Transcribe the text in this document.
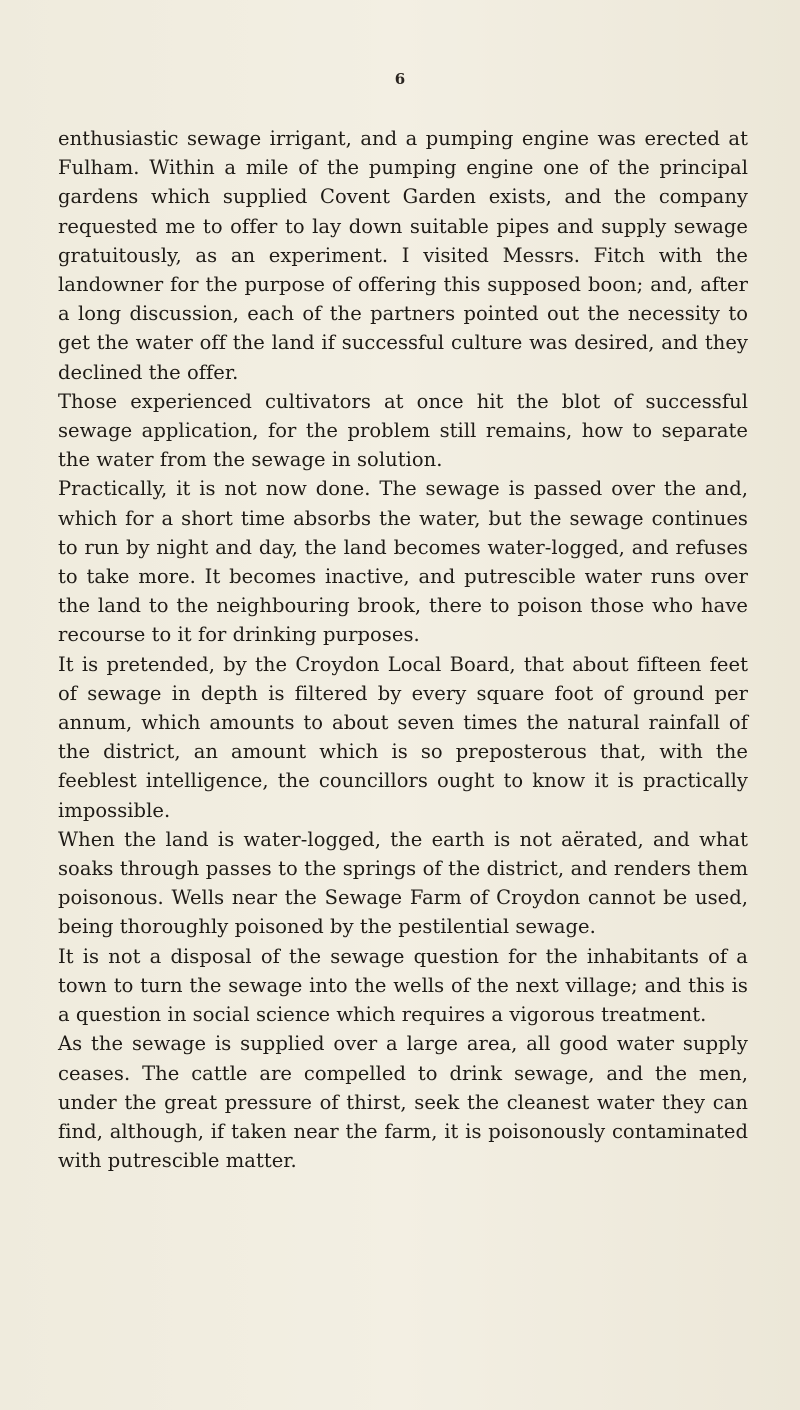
6

enthusiastic sewage irrigant, and a pumping engine was erected at Fulham. Within a mile of the pumping engine one of the principal gardens which supplied Covent Garden exists, and the company requested me to offer to lay down suitable pipes and supply sewage gratuitously, as an experiment. I visited Messrs. Fitch with the landowner for the purpose of offering this supposed boon; and, after a long discussion, each of the partners pointed out the necessity to get the water off the land if successful culture was desired, and they declined the offer.

Those experienced cultivators at once hit the blot of successful sewage application, for the problem still remains, how to separate the water from the sewage in solution.

Practically, it is not now done. The sewage is passed over the and, which for a short time absorbs the water, but the sewage continues to run by night and day, the land becomes water-logged, and refuses to take more. It becomes inactive, and putrescible water runs over the land to the neighbouring brook, there to poison those who have recourse to it for drinking purposes.

It is pretended, by the Croydon Local Board, that about fifteen feet of sewage in depth is filtered by every square foot of ground per annum, which amounts to about seven times the natural rainfall of the district, an amount which is so preposterous that, with the feeblest intelligence, the councillors ought to know it is practically impossible.

When the land is water-logged, the earth is not aërated, and what soaks through passes to the springs of the district, and renders them poisonous. Wells near the Sewage Farm of Croydon cannot be used, being thoroughly poisoned by the pestilential sewage.

It is not a disposal of the sewage question for the inhabitants of a town to turn the sewage into the wells of the next village; and this is a question in social science which requires a vigorous treatment.

As the sewage is supplied over a large area, all good water supply ceases. The cattle are compelled to drink sewage, and the men, under the great pressure of thirst, seek the cleanest water they can find, although, if taken near the farm, it is poisonously contaminated with putrescible matter.
